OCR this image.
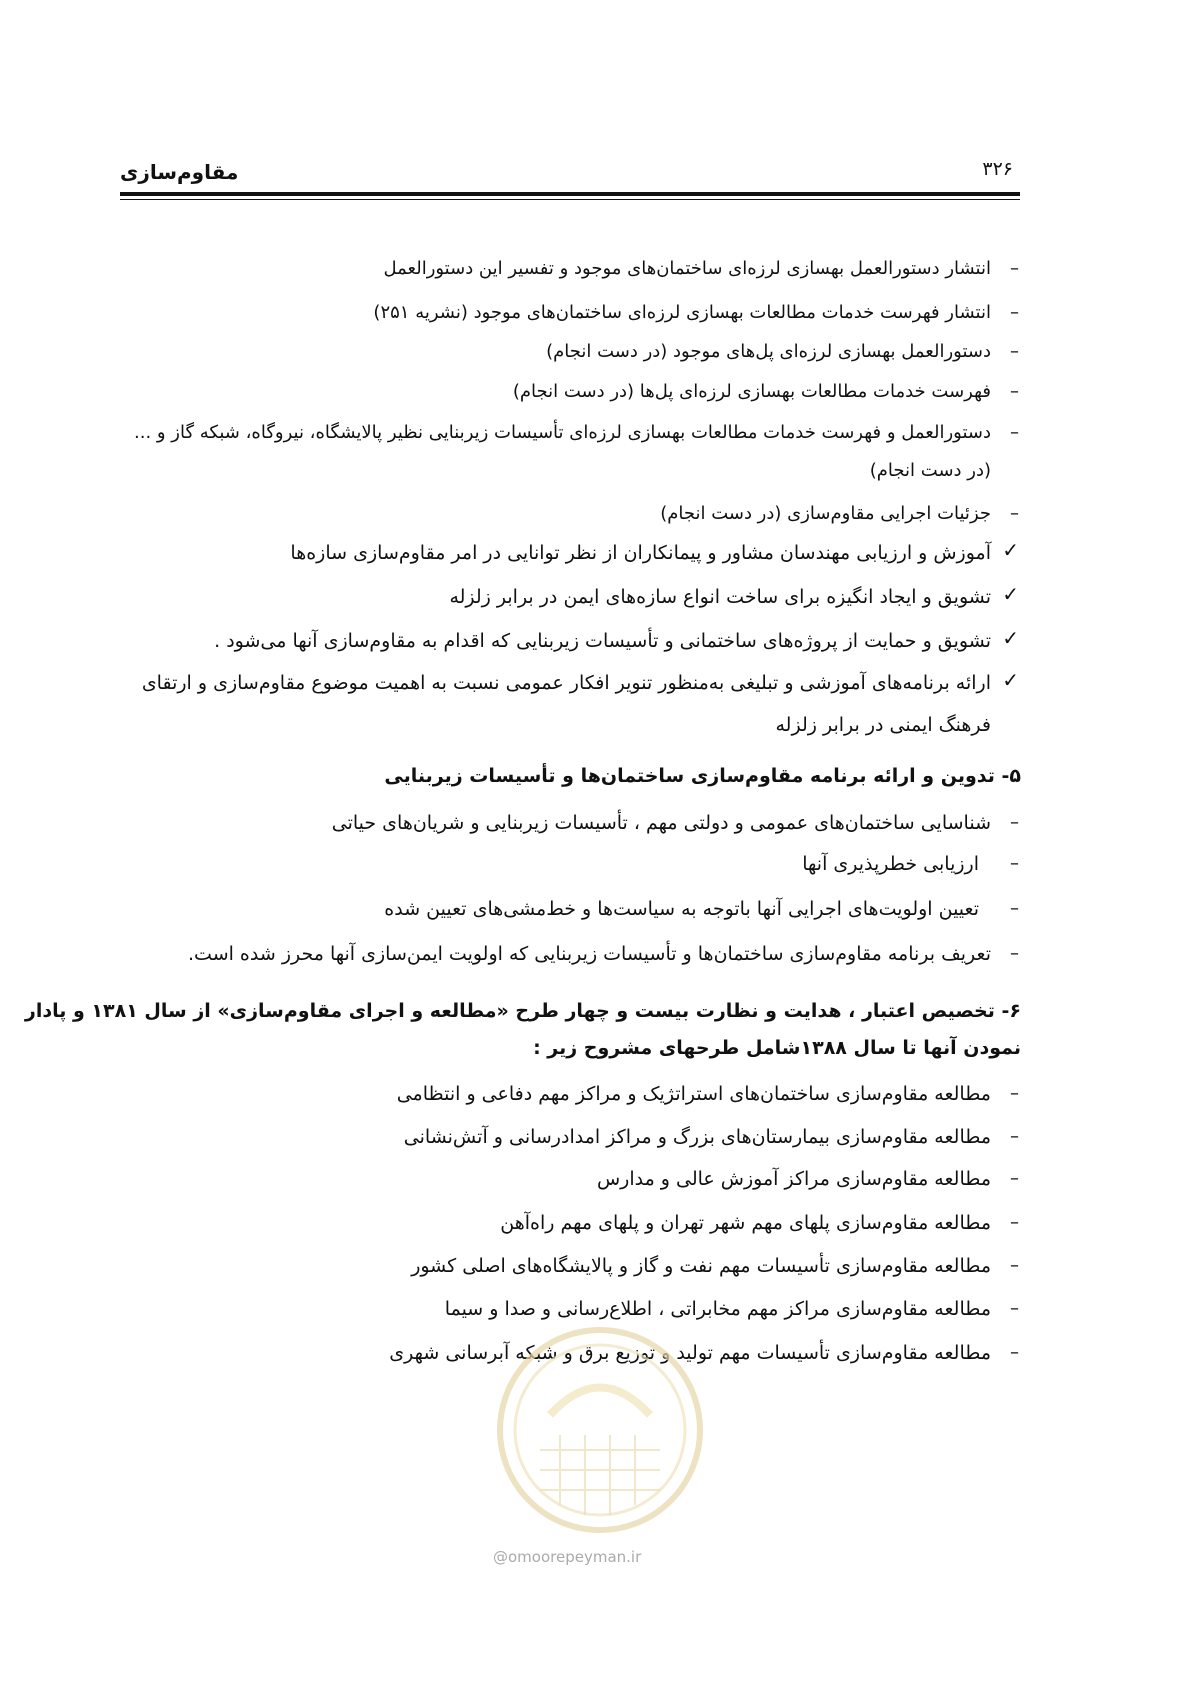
۳۲۶
مقاوم‌سازی
–
انتشار دستورالعمل بهسازی لرزه‌ای ساختمان‌های موجود و تفسیر این دستورالعمل
–
انتشار فهرست خدمات مطالعات بهسازی لرزه‌ای ساختمان‌های موجود (نشریه ۲۵۱)
–
دستورالعمل بهسازی لرزه‌ای پل‌های موجود (در دست انجام)
–
فهرست خدمات مطالعات بهسازی لرزه‌ای پل‌ها (در دست انجام)
–
دستورالعمل و فهرست خدمات مطالعات بهسازی لرزه‌ای تأسیسات زیربنایی نظیر پالایشگاه، نیروگاه، شبکه گاز و ...
(در دست انجام)
–
جزئیات اجرایی مقاوم‌سازی (در دست انجام)
✓
آموزش و ارزیابی مهندسان مشاور و پیمانکاران از نظر توانایی در امر مقاوم‌سازی سازه‌ها
✓
تشویق و ایجاد انگیزه برای ساخت انواع سازه‌های ایمن در برابر زلزله
✓
تشویق و حمایت از پروژه‌های ساختمانی و تأسیسات زیربنایی که اقدام به مقاوم‌سازی آنها می‌شود .
✓
ارائه برنامه‌های آموزشی و تبلیغی به‌منظور تنویر افکار عمومی نسبت به اهمیت موضوع مقاوم‌سازی و ارتقای
فرهنگ ایمنی در برابر زلزله
۵- تدوین و ارائه برنامه مقاوم‌سازی ساختمان‌ها و تأسیسات زیربنایی
–
شناسایی ساختمان‌های عمومی و دولتی مهم ، تأسیسات زیربنایی و شریان‌های حیاتی
–
ارزیابی خطرپذیری آنها
–
تعیین اولویت‌های اجرایی آنها باتوجه به سیاست‌ها و خط‌مشی‌های تعیین شده
–
تعریف برنامه مقاوم‌سازی ساختمان‌ها و تأسیسات زیربنایی که اولویت ایمن‌سازی آنها محرز شده است.
۶- تخصیص اعتبار ، هدایت و نظارت بیست و چهار طرح «مطالعه و اجرای مقاوم‌سازی» از سال ۱۳۸۱ و پادار
نمودن آنها تا سال ۱۳۸۸شامل طرحهای مشروح زیر :
–
مطالعه مقاوم‌سازی ساختمان‌های استراتژیک و مراکز مهم دفاعی و انتظامی
–
مطالعه مقاوم‌سازی بیمارستان‌های بزرگ و مراکز امدادرسانی و آتش‌نشانی
–
مطالعه مقاوم‌سازی مراکز آموزش عالی و مدارس
–
مطالعه مقاوم‌سازی پلهای مهم شهر تهران و پلهای مهم راه‌آهن
–
مطالعه مقاوم‌سازی تأسیسات مهم نفت و گاز و پالایشگاه‌های اصلی کشور
–
مطالعه مقاوم‌سازی مراکز مهم مخابراتی ، اطلاع‌رسانی و صدا و سیما
–
مطالعه مقاوم‌سازی تأسیسات مهم تولید و توزیع برق و شبکه آبرسانی شهری
@omoorepeyman.ir
